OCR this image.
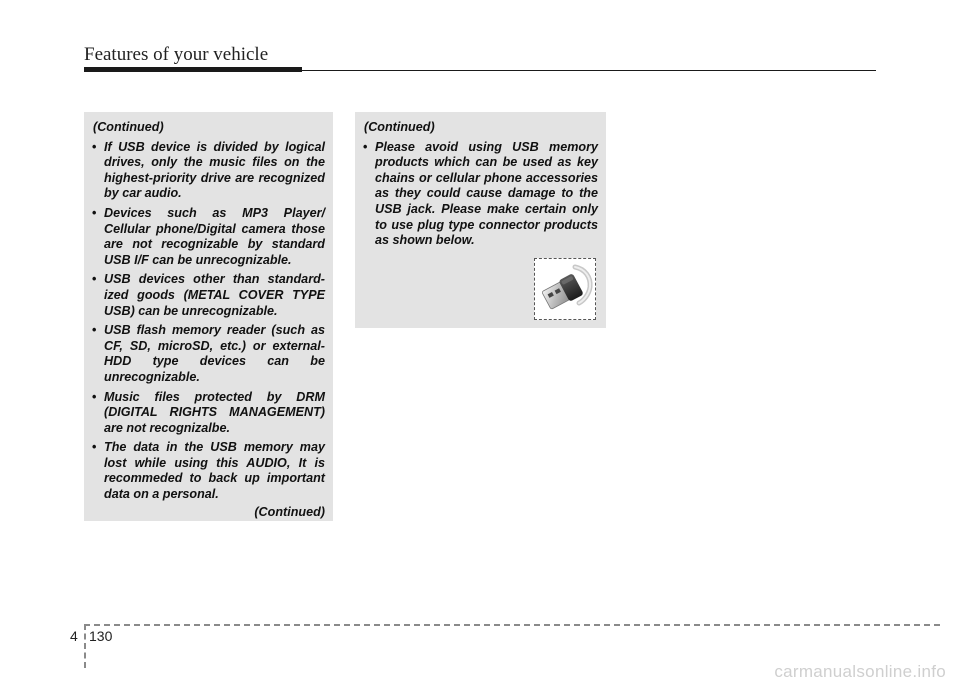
Features of your vehicle
(Continued)
• If USB device is divided by logical drives, only the music files on the highest-priority drive are recognized by car audio.
• Devices such as MP3 Player/ Cellular phone/Digital camera those are not recognizable by standard USB I/F can be unrecognizable.
• USB devices other than standardized goods (METAL COVER TYPE USB) can be unrecognizable.
• USB flash memory reader (such as CF, SD, microSD, etc.) or external-HDD type devices can be unrecognizable.
• Music files protected by DRM (DIGITAL RIGHTS MANAGEMENT) are not recognizalbe.
• The data in the USB memory may lost while using this AUDIO, It is recommeded to back up important data on a personal.
(Continued)
(Continued)
• Please avoid using USB memory products which can be used as key chains or cellular phone accessories as they could cause damage to the USB jack. Please make certain only to use plug type connector products as shown below.
4 130
carmanualsonline.info
